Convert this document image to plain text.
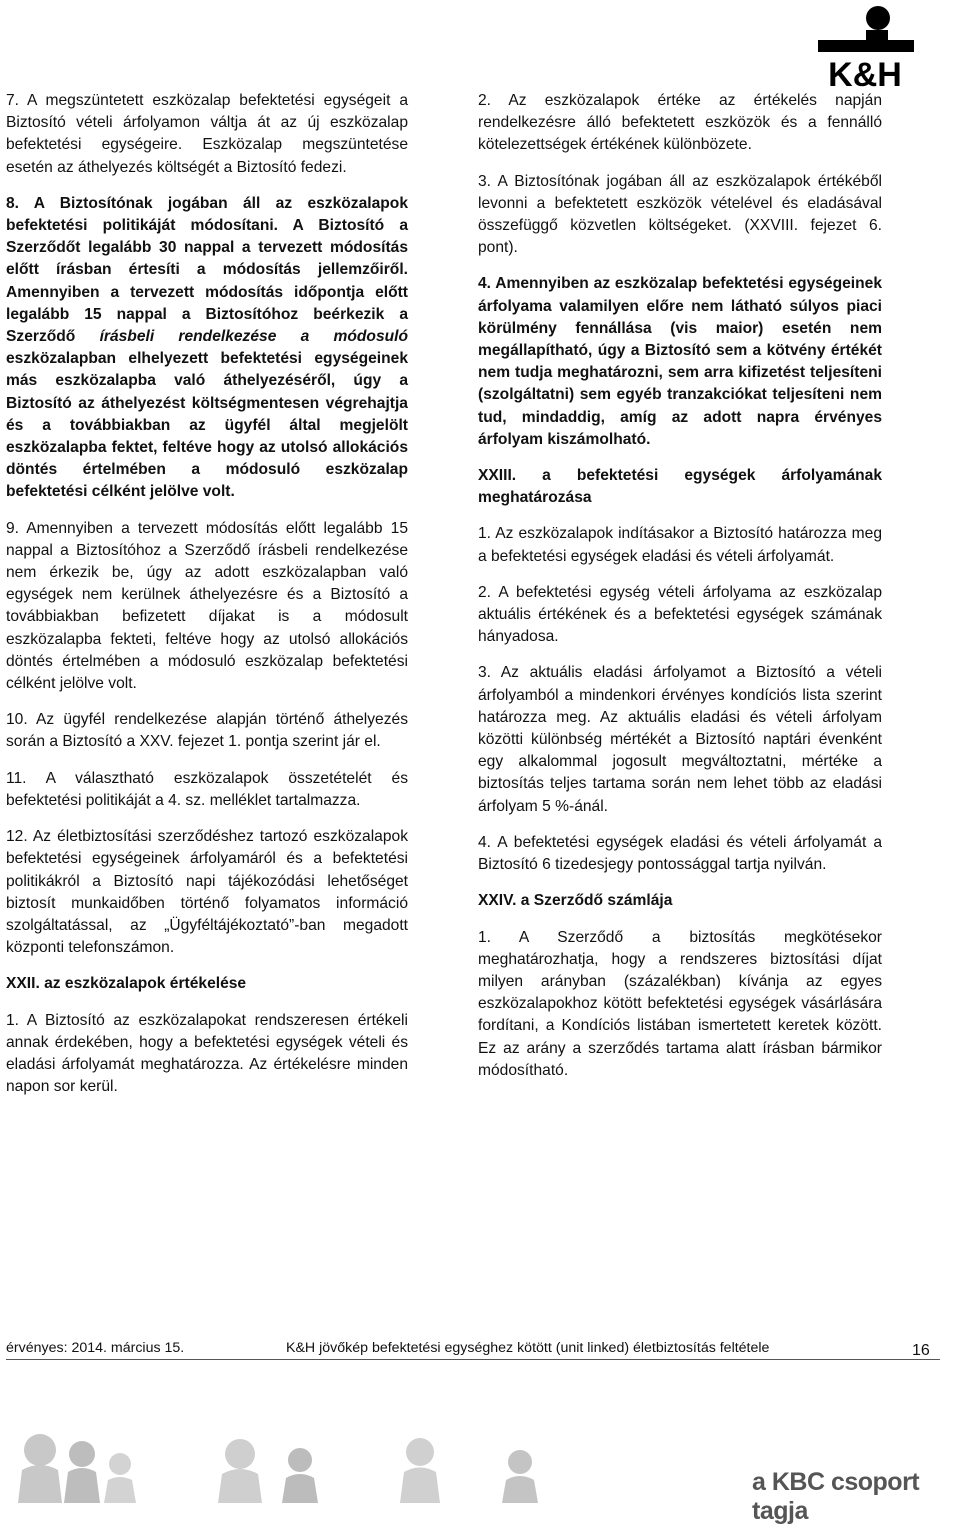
K&H

7. A megszüntetett eszközalap befektetési egységeit a Biztosító vételi árfolyamon váltja át az új eszközalap befektetési egységeire. Eszközalap megszüntetése esetén az áthelyezés költségét a Biztosító fedezi.

8. A Biztosítónak jogában áll az eszközalapok befektetési politikáját módosítani. A Biztosító a Szerződőt legalább 30 nappal a tervezett módosítás előtt írásban értesíti a módosítás jellemzőiről. Amennyiben a tervezett módosítás időpontja előtt legalább 15 nappal a Biztosítóhoz beérkezik a Szerződő írásbeli rendelkezése a módosuló eszközalapban elhelyezett befektetési egységeinek más eszközalapba való áthelyezéséről, úgy a Biztosító az áthelyezést költségmentesen végrehajtja és a továbbiakban az ügyfél által megjelölt eszközalapba fektet, feltéve hogy az utolsó allokációs döntés értelmében a módosuló eszközalap befektetési célként jelölve volt.

9. Amennyiben a tervezett módosítás előtt legalább 15 nappal a Biztosítóhoz a Szerződő írásbeli rendelkezése nem érkezik be, úgy az adott eszközalapban való egységek nem kerülnek áthelyezésre és a Biztosító a továbbiakban befizetett díjakat is a módosult eszközalapba fekteti, feltéve hogy az utolsó allokációs döntés értelmében a módosuló eszközalap befektetési célként jelölve volt.

10. Az ügyfél rendelkezése alapján történő áthelyezés során a Biztosító a XXV. fejezet 1. pontja szerint jár el.

11. A választható eszközalapok összetételét és befektetési politikáját a 4. sz. melléklet tartalmazza.

12. Az életbiztosítási szerződéshez tartozó eszközalapok befektetési egységeinek árfolyamáról és a befektetési politikákról a Biztosító napi tájékozódási lehetőséget biztosít munkaidőben történő folyamatos információ szolgáltatással, az „Ügyféltájékoztató”-ban megadott központi telefonszámon.

XXII. az eszközalapok értékelése

1. A Biztosító az eszközalapokat rendszeresen értékeli annak érdekében, hogy a befektetési egységek vételi és eladási árfolyamát meghatározza. Az értékelésre minden napon sor kerül.

2. Az eszközalapok értéke az értékelés napján rendelkezésre álló befektetett eszközök és a fennálló kötelezettségek értékének különbözete.

3. A Biztosítónak jogában áll az eszközalapok értékéből levonni a befektetett eszközök vételével és eladásával összefüggő közvetlen költségeket. (XXVIII. fejezet 6. pont).

4. Amennyiben az eszközalap befektetési egységeinek árfolyama valamilyen előre nem látható súlyos piaci körülmény fennállása (vis maior) esetén nem megállapítható, úgy a Biztosító sem a kötvény értékét nem tudja meghatározni, sem arra kifizetést teljesíteni (szolgáltatni) sem egyéb tranzakciókat teljesíteni nem tud, mindaddig, amíg az adott napra érvényes árfolyam kiszámolható.

XXIII. a befektetési egységek árfolyamának meghatározása

1. Az eszközalapok indításakor a Biztosító határozza meg a befektetési egységek eladási és vételi árfolyamát.

2. A befektetési egység vételi árfolyama az eszközalap aktuális értékének és a befektetési egységek számának hányadosa.

3. Az aktuális eladási árfolyamot a Biztosító a vételi árfolyamból a mindenkori érvényes kondíciós lista szerint határozza meg. Az aktuális eladási és vételi árfolyam közötti különbség mértékét a Biztosító naptári évenként egy alkalommal jogosult megváltoztatni, mértéke a biztosítás teljes tartama során nem lehet több az eladási árfolyam 5 %-ánál.

4. A befektetési egységek eladási és vételi árfolyamát a Biztosító 6 tizedesjegy pontossággal tartja nyilván.

XXIV. a Szerződő számlája

1. A Szerződő a biztosítás megkötésekor meghatározhatja, hogy a rendszeres biztosítási díjat milyen arányban (százalékban) kívánja az egyes eszközalapokhoz kötött befektetési egységek vásárlására fordítani, a Kondíciós listában ismertetett keretek között. Ez az arány a szerződés tartama alatt írásban bármikor módosítható.

érvényes: 2014. március 15.	K&H jövőkép befektetési egységhez kötött (unit linked) életbiztosítás feltétele	16
a KBC csoport tagja
